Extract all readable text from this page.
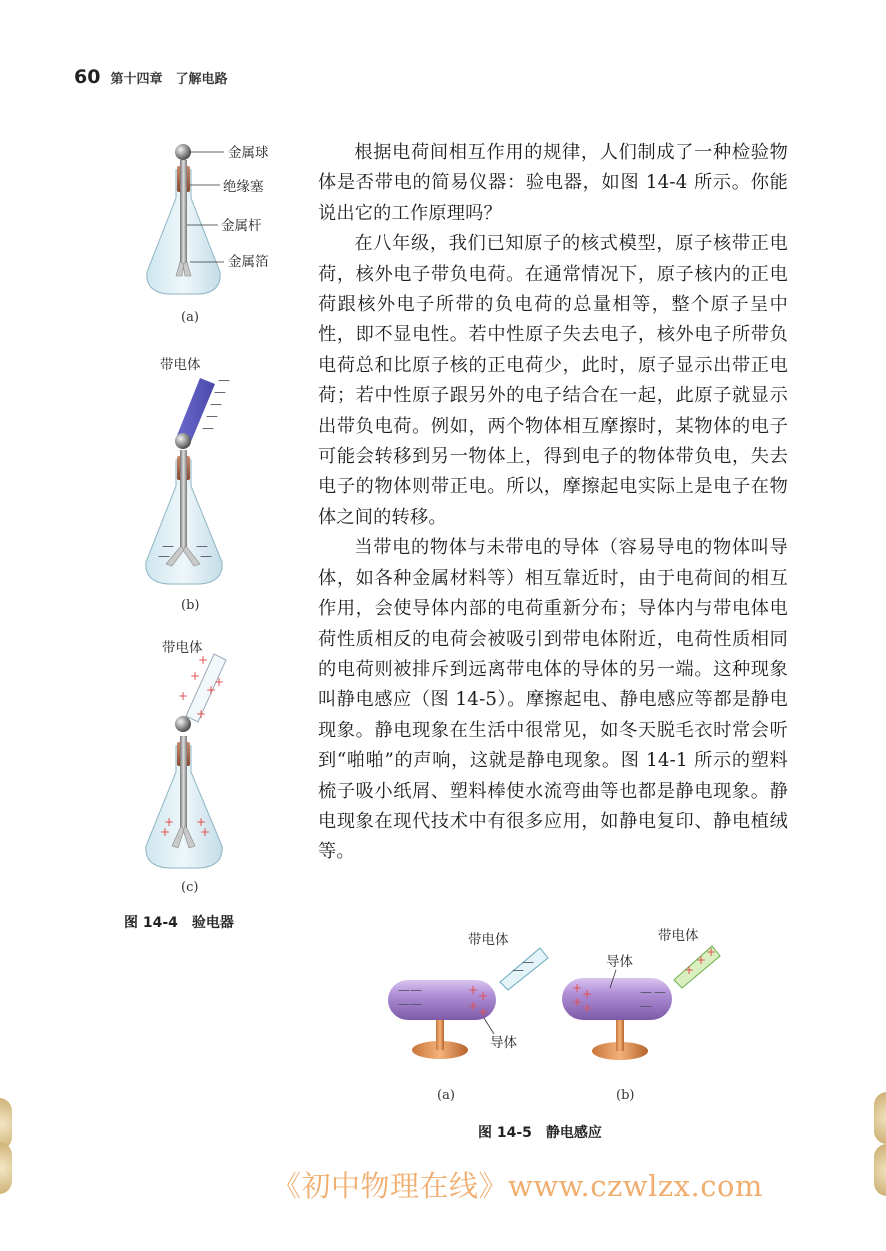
60 第十四章　了解电路

根据电荷间相互作用的规律，人们制成了一种检验物体是否带电的简易仪器：验电器，如图 14-4 所示。你能说出它的工作原理吗？

在八年级，我们已知原子的核式模型，原子核带正电荷，核外电子带负电荷。在通常情况下，原子核内的正电荷跟核外电子所带的负电荷的总量相等，整个原子呈中性，即不显电性。若中性原子失去电子，核外电子所带负电荷总和比原子核的正电荷少，此时，原子显示出带正电荷；若中性原子跟另外的电子结合在一起，此原子就显示出带负电荷。例如，两个物体相互摩擦时，某物体的电子可能会转移到另一物体上，得到电子的物体带负电，失去电子的物体则带正电。所以，摩擦起电实际上是电子在物体之间的转移。

当带电的物体与未带电的导体（容易导电的物体叫导体，如各种金属材料等）相互靠近时，由于电荷间的相互作用，会使导体内部的电荷重新分布；导体内与带电体电荷性质相反的电荷会被吸引到带电体附近，电荷性质相同的电荷则被排斥到远离带电体的导体的另一端。这种现象叫静电感应（图 14-5）。摩擦起电、静电感应等都是静电现象。静电现象在生活中很常见，如冬天脱毛衣时常会听到“啪啪”的声响，这就是静电现象。图 14-1 所示的塑料梳子吸小纸屑、塑料棒使水流弯曲等也都是静电现象。静电现象在现代技术中有很多应用，如静电复印、静电植绒等。

金属球
绝缘塞
金属杆
金属箔
(a)
—
—
—
—
—
—	—
— —
带电体
(b)
+
+
+
+ +
+
+
+
+
+
带电体
(c)
图 14-4　验电器
— —
— —
+ +
+ +
—
—
带电体
导体
(a)
+ +
+ +
— —
—
+
+
+
带电体
导体
(b)
图 14-5　静电感应
《初中物理在线》www.czwlzx.com
